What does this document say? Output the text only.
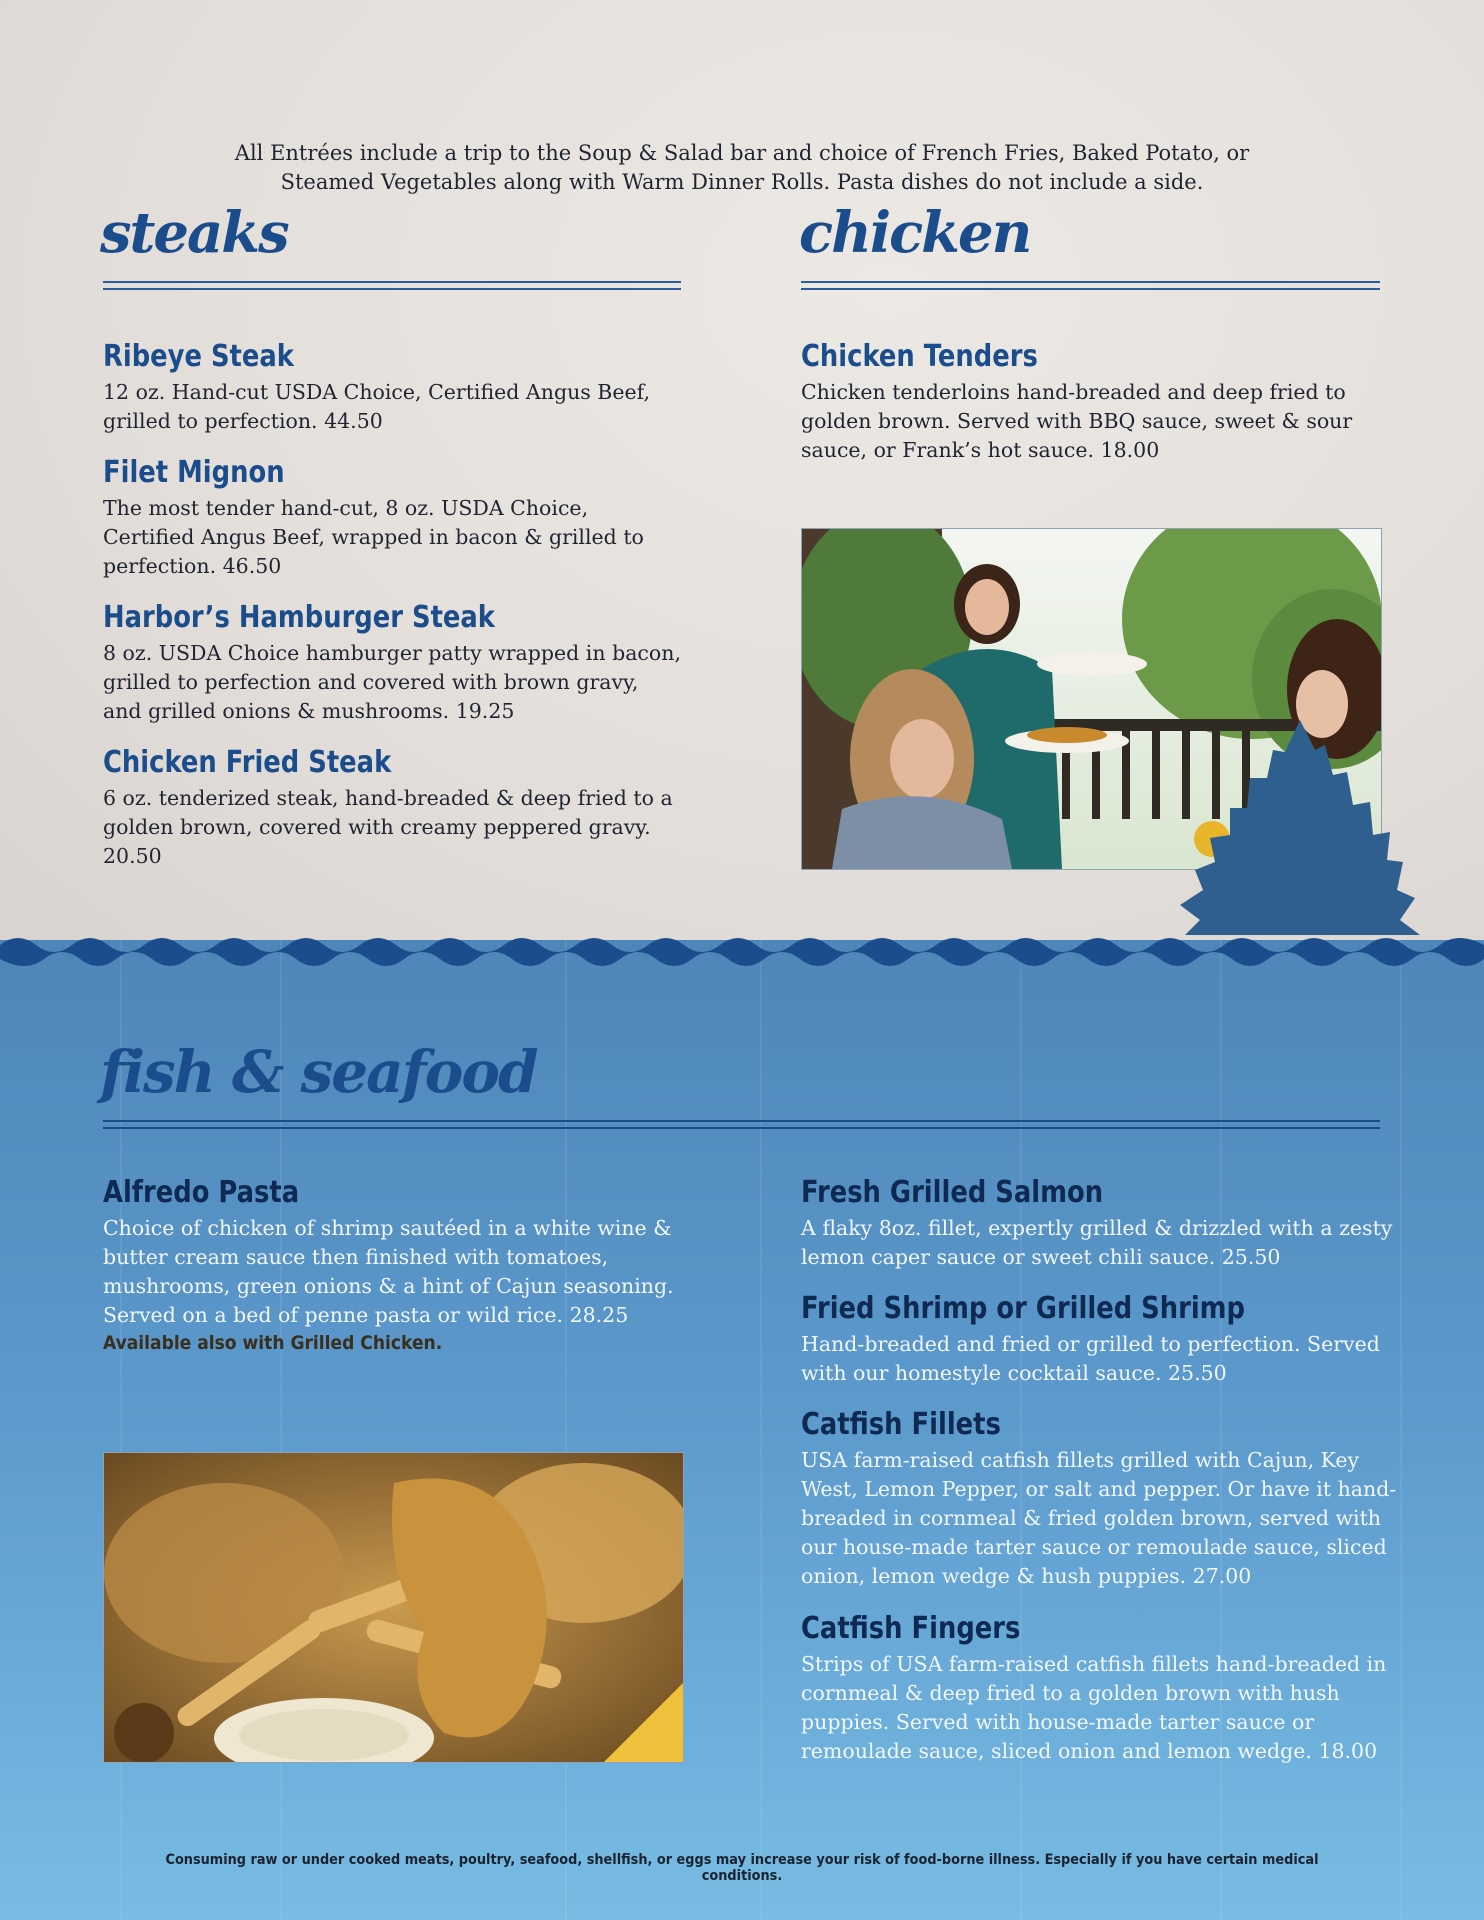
All Entrées include a trip to the Soup & Salad bar and choice of French Fries, Baked Potato, or Steamed Vegetables along with Warm Dinner Rolls. Pasta dishes do not include a side.

steaks
Ribeye Steak

12 oz. Hand-cut USDA Choice, Certified Angus Beef, grilled to perfection. 44.50

Filet Mignon

The most tender hand-cut, 8 oz. USDA Choice, Certified Angus Beef, wrapped in bacon & grilled to perfection. 46.50

Harbor’s Hamburger Steak

8 oz. USDA Choice hamburger patty wrapped in bacon, grilled to perfection and covered with brown gravy, and grilled onions & mushrooms. 19.25

Chicken Fried Steak

6 oz. tenderized steak, hand-breaded & deep fried to a golden brown, covered with creamy peppered gravy. 20.50

chicken
Chicken Tenders

Chicken tenderloins hand-breaded and deep fried to golden brown. Served with BBQ sauce, sweet & sour sauce, or Frank’s hot sauce. 18.00

fish & seafood
Alfredo Pasta

Choice of chicken of shrimp sautéed in a white wine & butter cream sauce then finished with tomatoes, mushrooms, green onions & a hint of Cajun seasoning. Served on a bed of penne pasta or wild rice. 28.25

Available also with Grilled Chicken.

Fresh Grilled Salmon

A flaky 8oz. fillet, expertly grilled & drizzled with a zesty lemon caper sauce or sweet chili sauce. 25.50

Fried Shrimp or Grilled Shrimp

Hand-breaded and fried or grilled to perfection. Served with our homestyle cocktail sauce. 25.50

Catfish Fillets

USA farm-raised catfish fillets grilled with Cajun, Key West, Lemon Pepper, or salt and pepper. Or have it hand-breaded in cornmeal & fried golden brown, served with our house-made tarter sauce or remoulade sauce, sliced onion, lemon wedge & hush puppies. 27.00

Catfish Fingers

Strips of USA farm-raised catfish fillets hand-breaded in cornmeal & deep fried to a golden brown with hush puppies. Served with house-made tarter sauce or remoulade sauce, sliced onion and lemon wedge. 18.00

Consuming raw or under cooked meats, poultry, seafood, shellfish, or eggs may increase your risk of food-borne illness. Especially if you have certain medical conditions.
